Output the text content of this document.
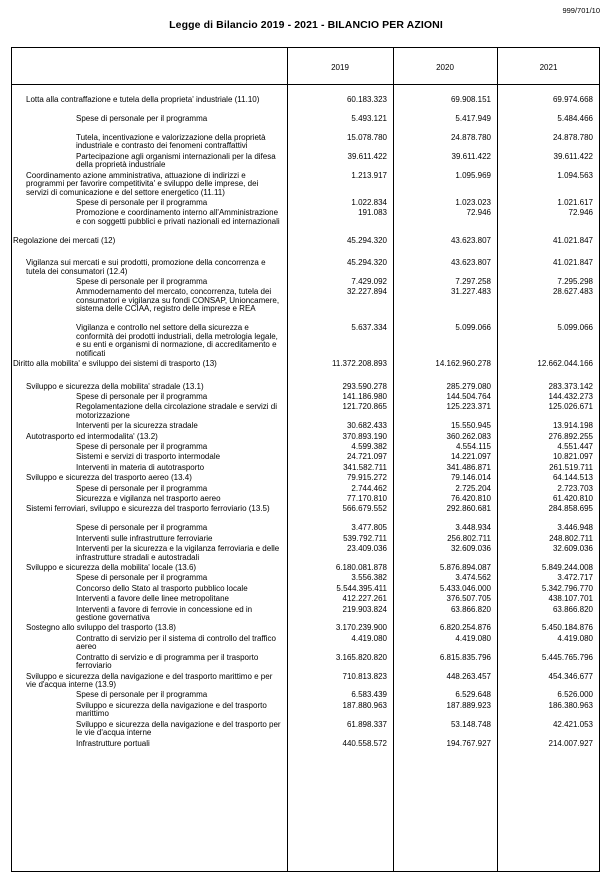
999/701/10
Legge di Bilancio 2019 - 2021 - BILANCIO PER AZIONI
2019	2020	2021
Lotta alla contraffazione e tutela della proprieta' industriale (11.10)	60.183.323	69.908.151	69.974.668
Spese di personale per il programma	5.493.121	5.417.949	5.484.466
Tutela, incentivazione e valorizzazione della proprietà industriale e contrasto dei fenomeni contraffattivi
15.078.780	24.878.780	24.878.780
Partecipazione agli organismi internazionali per la difesa della proprietà industriale
39.611.422	39.611.422	39.611.422
Coordinamento azione amministrativa, attuazione di indirizzi e programmi per favorire competitivita' e sviluppo delle imprese, dei servizi di comunicazione e del settore energetico (11.11)
1.213.917	1.095.969	1.094.563
Spese di personale per il programma	1.022.834	1.023.023	1.021.617
Promozione e coordinamento interno all'Amministrazione e con soggetti pubblici e privati nazionali ed internazionali
191.083	72.946	72.946
Regolazione dei mercati (12)	45.294.320	43.623.807	41.021.847
Vigilanza sui mercati e sui prodotti, promozione della concorrenza e tutela dei consumatori (12.4)
45.294.320	43.623.807	41.021.847
Spese di personale per il programma	7.429.092	7.297.258	7.295.298
Ammodernamento del mercato, concorrenza, tutela dei consumatori e vigilanza su fondi CONSAP, Unioncamere, sistema delle CCIAA, registro delle imprese e REA
32.227.894	31.227.483	28.627.483
Vigilanza e controllo nel settore della sicurezza e conformità dei prodotti industriali, della metrologia legale, e su enti e organismi di normazione, di accreditamento e notificati
5.637.334	5.099.066	5.099.066
Diritto alla mobilita' e sviluppo dei sistemi di trasporto (13)	11.372.208.893	14.162.960.278	12.662.044.166
Sviluppo e sicurezza della mobilita' stradale (13.1)	293.590.278	285.279.080	283.373.142
Spese di personale per il programma	141.186.980	144.504.764	144.432.273
Regolamentazione della circolazione stradale e servizi di motorizzazione
121.720.865	125.223.371	125.026.671
Interventi per la sicurezza stradale	30.682.433	15.550.945	13.914.198
Autotrasporto ed intermodalita' (13.2)	370.893.190	360.262.083	276.892.255
Spese di personale per il programma	4.599.382	4.554.115	4.551.447
Sistemi e servizi di trasporto intermodale	24.721.097	14.221.097	10.821.097
Interventi in materia di autotrasporto	341.582.711	341.486.871	261.519.711
Sviluppo e sicurezza del trasporto aereo (13.4)	79.915.272	79.146.014	64.144.513
Spese di personale per il programma	2.744.462	2.725.204	2.723.703
Sicurezza e vigilanza nel trasporto aereo	77.170.810	76.420.810	61.420.810
Sistemi ferroviari, sviluppo e sicurezza del trasporto ferroviario (13.5)	566.679.552	292.860.681	284.858.695
Spese di personale per il programma	3.477.805	3.448.934	3.446.948
Interventi sulle infrastrutture ferroviarie	539.792.711	256.802.711	248.802.711
Interventi per la sicurezza e la vigilanza ferroviaria e delle infrastrutture stradali e autostradali
23.409.036	32.609.036	32.609.036
Sviluppo e sicurezza della mobilita' locale (13.6)	6.180.081.878	5.876.894.087	5.849.244.008
Spese di personale per il programma	3.556.382	3.474.562	3.472.717
Concorso dello Stato al trasporto pubblico locale	5.544.395.411	5.433.046.000	5.342.796.770
Interventi a favore delle linee metropolitane	412.227.261	376.507.705	438.107.701
Interventi a favore di ferrovie in concessione ed in gestione governativa
219.903.824	63.866.820	63.866.820
Sostegno allo sviluppo del trasporto (13.8)	3.170.239.900	6.820.254.876	5.450.184.876
Contratto di servizio per il sistema di controllo del traffico aereo
4.419.080	4.419.080	4.419.080
Contratto di servizio e di programma per il trasporto ferroviario
3.165.820.820	6.815.835.796	5.445.765.796
Sviluppo e sicurezza della navigazione e del trasporto marittimo e per vie d'acqua interne (13.9)
710.813.823	448.263.457	454.346.677
Spese di personale per il programma	6.583.439	6.529.648	6.526.000
Sviluppo e sicurezza della navigazione e del trasporto marittimo
187.880.963	187.889.923	186.380.963
Sviluppo e sicurezza della navigazione e del trasporto per le vie d'acqua interne
61.898.337	53.148.748	42.421.053
Infrastrutture portuali	440.558.572	194.767.927	214.007.927
